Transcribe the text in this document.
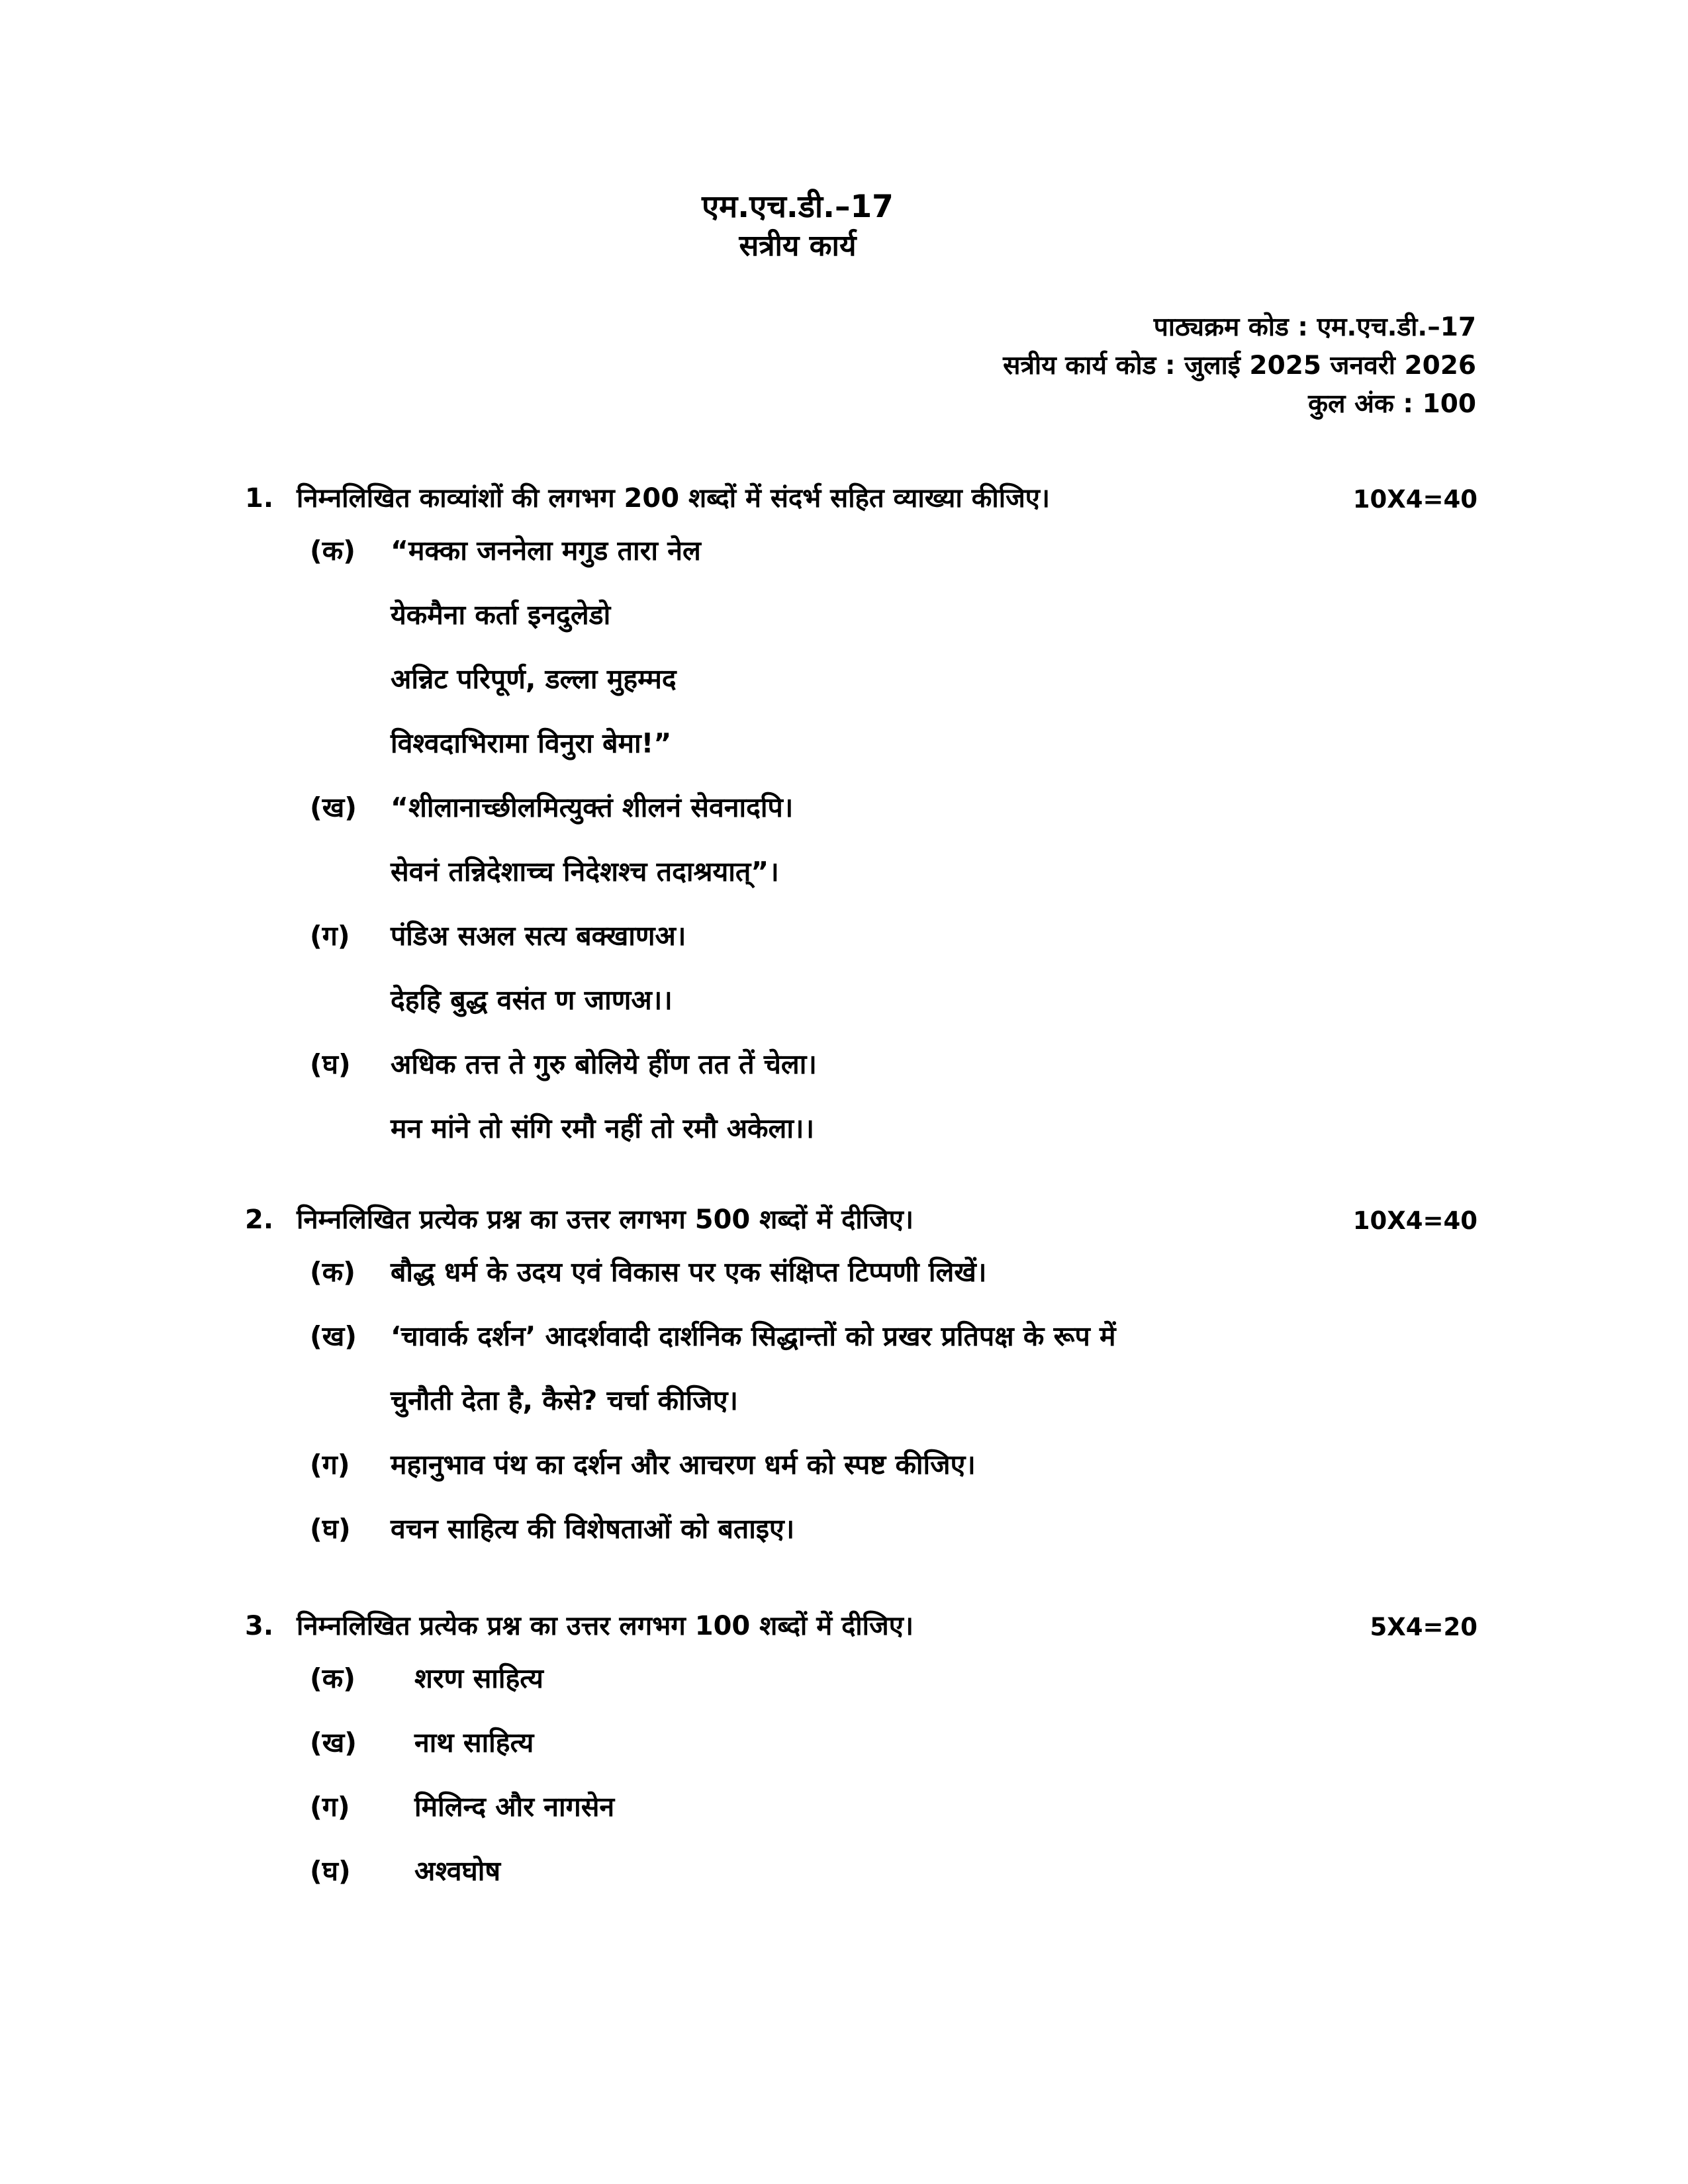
एम.एच.डी.–17
सत्रीय कार्य
पाठ्यक्रम कोड : एम.एच.डी.–17
सत्रीय कार्य कोड : जुलाई 2025 जनवरी 2026
कुल अंक : 100
1. निम्नलिखित काव्यांशों की लगभग 200 शब्दों में संदर्भ सहित व्याख्या कीजिए।	10X4=40
(क)	“मक्का जननेला मगुड तारा नेल
येकमैना कर्ता इनदुलेडो
अन्निट परिपूर्ण, डल्ला मुहम्मद
विश्वदाभिरामा विनुरा बेमा!”
(ख)	“शीलानाच्छीलमित्युक्तं शीलनं सेवनादपि।
सेवनं तन्निदेशाच्च निदेशश्च तदाश्रयात्”।
(ग)	पंडिअ सअल सत्य बक्खाणअ।
देहहि बुद्ध वसंत ण जाणअ।।
(घ)	अधिक तत्त ते गुरु बोलिये हींण तत तें चेला।
मन मांने तो संगि रमौ नहीं तो रमौ अकेला।।
2. निम्नलिखित प्रत्येक प्रश्न का उत्तर लगभग 500 शब्दों में दीजिए।	10X4=40
(क)	बौद्ध धर्म के उदय एवं विकास पर एक संक्षिप्त टिप्पणी लिखें।
(ख)	‘चावार्क दर्शन’ आदर्शवादी दार्शनिक सिद्धान्तों को प्रखर प्रतिपक्ष के रूप में
चुनौती देता है, कैसे? चर्चा कीजिए।
(ग)	महानुभाव पंथ का दर्शन और आचरण धर्म को स्पष्ट कीजिए।
(घ)	वचन साहित्य की विशेषताओं को बताइए।
3. निम्नलिखित प्रत्येक प्रश्न का उत्तर लगभग 100 शब्दों में दीजिए।	5X4=20
(क)	शरण साहित्य
(ख)	नाथ साहित्य
(ग)	मिलिन्द और नागसेन
(घ)	अश्वघोष
